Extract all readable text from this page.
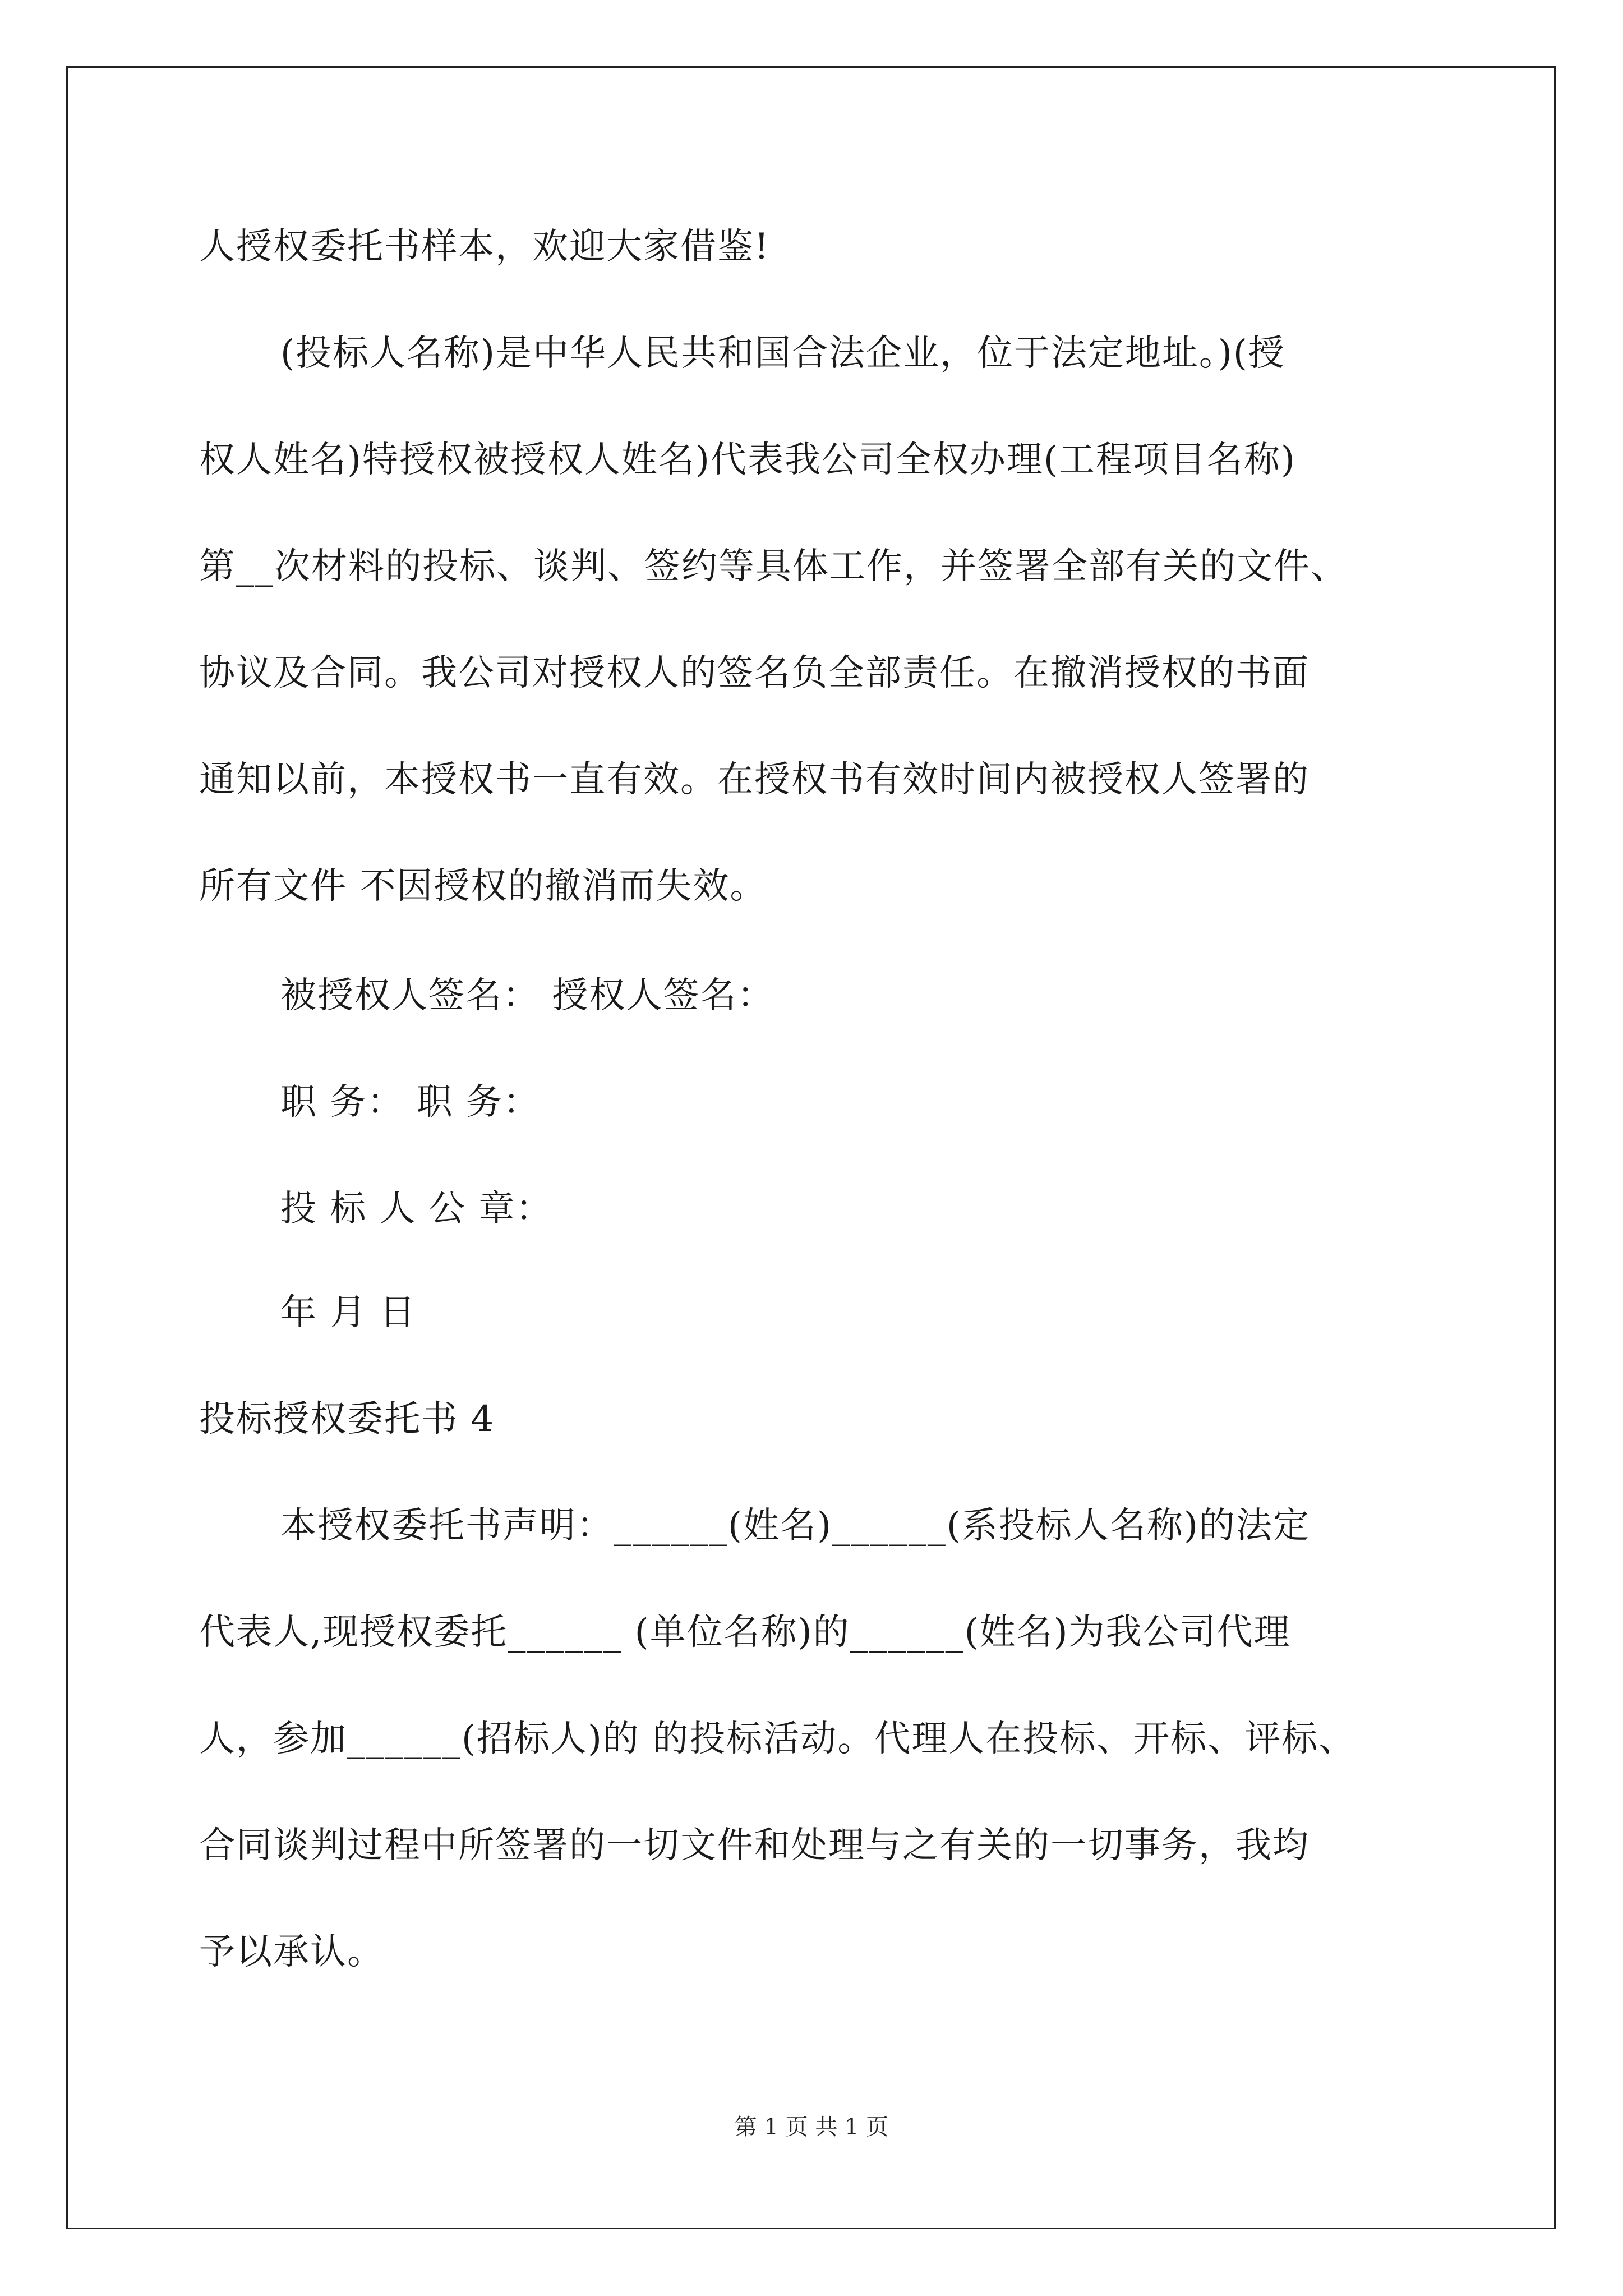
人授权委托书样本，欢迎大家借鉴!
(投标人名称)是中华人民共和国合法企业，位于法定地址。)(授
权人姓名)特授权被授权人姓名)代表我公司全权办理(工程项目名称)
第__次材料的投标、谈判、签约等具体工作，并签署全部有关的文件、
协议及合同。我公司对授权人的签名负全部责任。在撤消授权的书面
通知以前，本授权书一直有效。在授权书有效时间内被授权人签署的
所有文件 不因授权的撤消而失效。
被授权人签名： 授权人签名：
职 务： 职 务：
投 标 人 公 章：
年 月 日
投标授权委托书 4
本授权委托书声明：______(姓名)______(系投标人名称)的法定
代表人,现授权委托______ (单位名称)的______(姓名)为我公司代理
人，参加______(招标人)的 的投标活动。代理人在投标、开标、评标、
合同谈判过程中所签署的一切文件和处理与之有关的一切事务，我均
予以承认。
第 1 页 共 1 页
